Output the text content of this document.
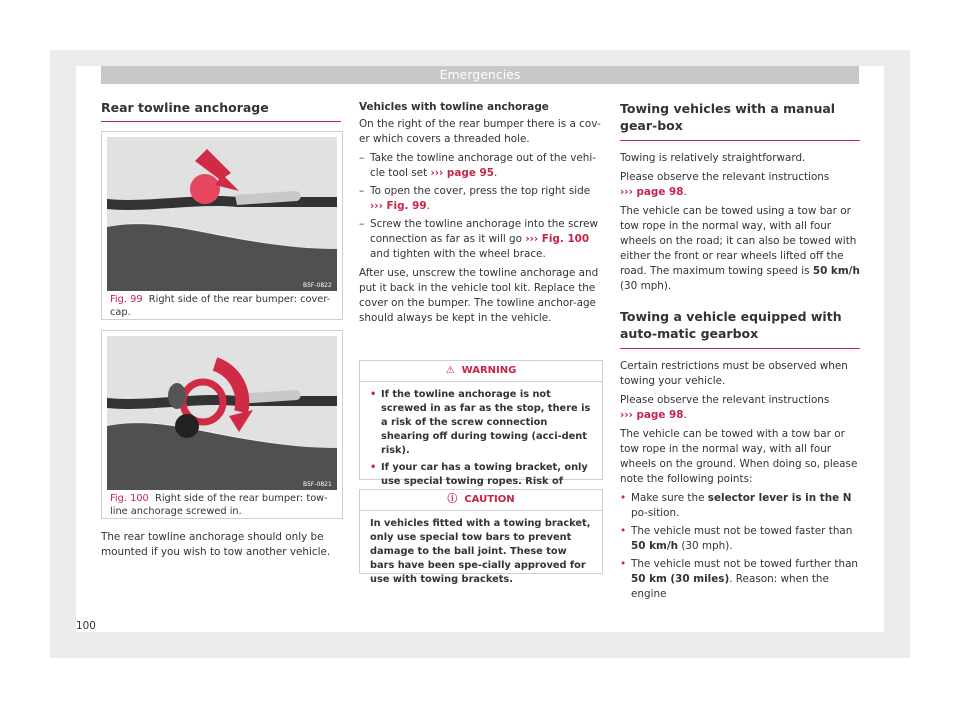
Emergencies
Rear towline anchorage
B5F-0822
Fig. 99 Right side of the rear bumper: cover-cap.
B5F-0821
Fig. 100 Right side of the rear bumper: tow-line anchorage screwed in.

The rear towline anchorage should only be mounted if you wish to tow another vehicle.

Vehicles with towline anchorage

On the right of the rear bumper there is a cov-er which covers a threaded hole.

– Take the towline anchorage out of the vehi-cle tool set ››› page 95.
– To open the cover, press the top right side ››› Fig. 99.
– Screw the towline anchorage into the screw connection as far as it will go ››› Fig. 100 and tighten with the wheel brace.

After use, unscrew the towline anchorage and put it back in the vehicle tool kit. Replace the cover on the bumper. The towline anchor-age should always be kept in the vehicle.

⚠ WARNING
• If the towline anchorage is not screwed in as far as the stop, there is a risk of the screw connection shearing off during towing (acci-dent risk).
• If your car has a towing bracket, only use special towing ropes. Risk of
ⓘ CAUTION

In vehicles fitted with a towing bracket, only use special tow bars to prevent damage to the ball joint. These tow bars have been spe-cially approved for use with towing brackets.

Towing vehicles with a manual gear-box

Towing is relatively straightforward.

Please observe the relevant instructions
››› page 98.

The vehicle can be towed using a tow bar or tow rope in the normal way, with all four wheels on the road; it can also be towed with either the front or rear wheels lifted off the road. The maximum towing speed is 50 km/h (30 mph).

Towing a vehicle equipped with auto-matic gearbox

Certain restrictions must be observed when towing your vehicle.

Please observe the relevant instructions
››› page 98.

The vehicle can be towed with a tow bar or tow rope in the normal way, with all four wheels on the ground. When doing so, please note the following points:

• Make sure the selector lever is in the N po-sition.
• The vehicle must not be towed faster than 50 km/h (30 mph).
• The vehicle must not be towed further than 50 km (30 miles). Reason: when the engine
100
